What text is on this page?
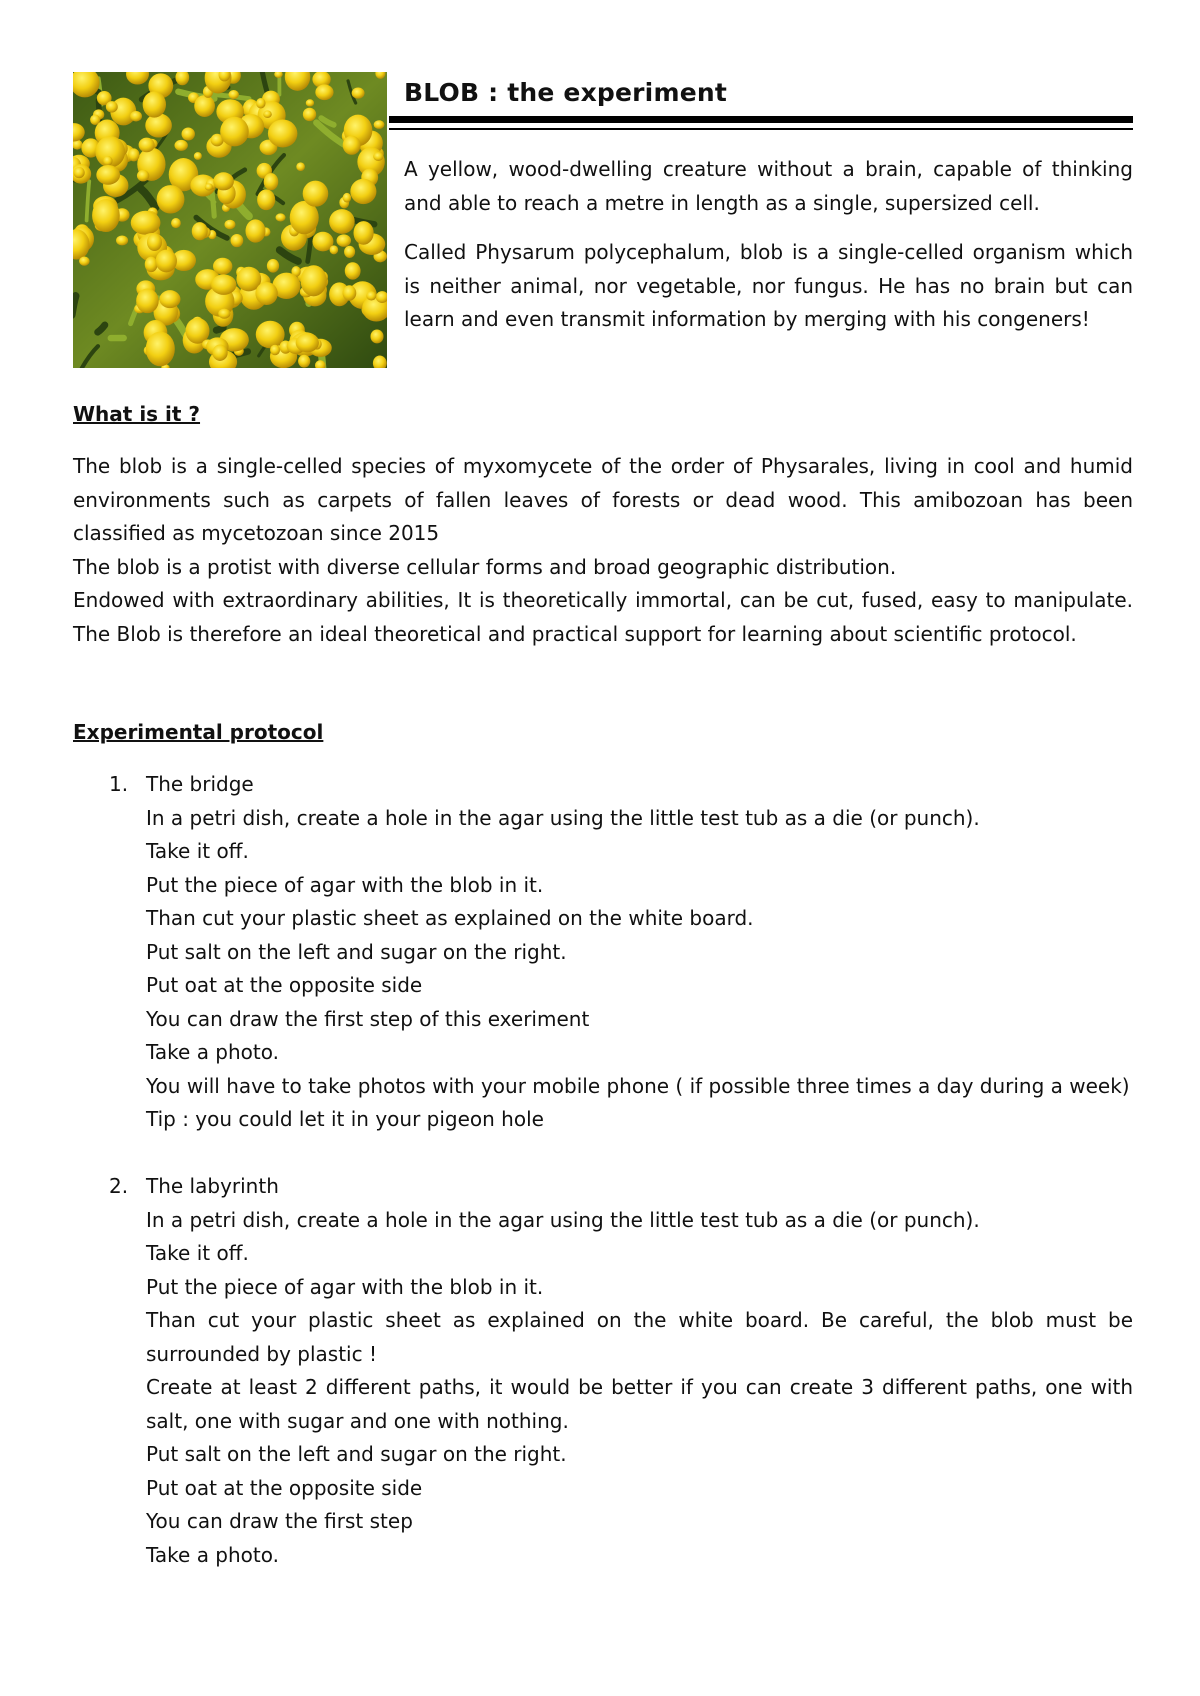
BLOB : the experiment

A yellow, wood-dwelling creature without a brain, capable of thinking and able to reach a metre in length as a single, supersized cell.

Called Physarum polycephalum, blob is a single-celled organism which is neither animal, nor vegetable, nor fungus. He has no brain but can learn and even transmit information by merging with his congeners!

What is it ?
The blob is a single-celled species of myxomycete of the order of Physarales, living in cool and humid environments such as carpets of fallen leaves of forests or dead wood. This amibozoan has been classified as mycetozoan since 2015
The blob is a protist with diverse cellular forms and broad geographic distribution.
Endowed with extraordinary abilities, It is theoretically immortal, can be cut, fused, easy to manipulate. The Blob is therefore an ideal theoretical and practical support for learning about scientific protocol.
Experimental protocol
1. The bridge
In a petri dish, create a hole in the agar using the little test tub as a die (or punch).
Take it off.
Put the piece of agar with the blob in it.
Than cut your plastic sheet as explained on the white board.
Put salt on the left and sugar on the right.
Put oat at the opposite side
You can draw the first step of this exeriment
Take a photo.
You will have to take photos with your mobile phone ( if possible three times a day during a week)
Tip : you could let it in your pigeon hole
2. The labyrinth
In a petri dish, create a hole in the agar using the little test tub as a die (or punch).
Take it off.
Put the piece of agar with the blob in it.
Than cut your plastic sheet as explained on the white board. Be careful, the blob must be surrounded by plastic !
Create at least 2 different paths, it would be better if you can create 3 different paths, one with salt, one with sugar and one with nothing.
Put salt on the left and sugar on the right.
Put oat at the opposite side
You can draw the first step
Take a photo.
